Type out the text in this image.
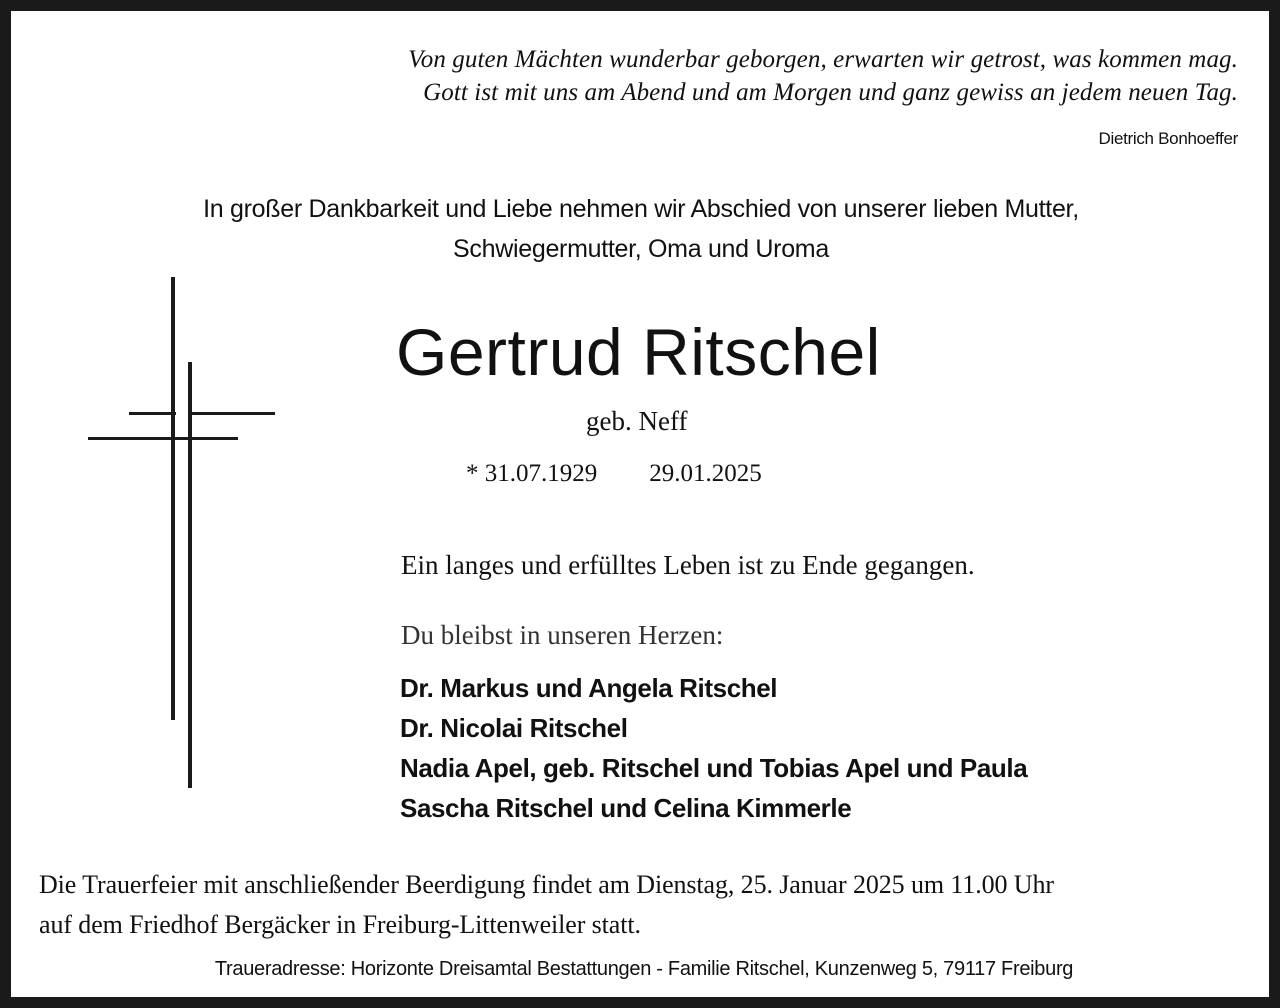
Von guten Mächten wunderbar geborgen, erwarten wir getrost, was kommen mag.
Gott ist mit uns am Abend und am Morgen und ganz gewiss an jedem neuen Tag.
Dietrich Bonhoeffer
In großer Dankbarkeit und Liebe nehmen wir Abschied von unserer lieben Mutter,
Schwiegermutter, Oma und Uroma
Gertrud Ritschel
geb. Neff
* 31.07.1929 29.01.2025
Ein langes und erfülltes Leben ist zu Ende gegangen.
Du bleibst in unseren Herzen:
Dr. Markus und Angela Ritschel
Dr. Nicolai Ritschel
Nadia Apel, geb. Ritschel und Tobias Apel und Paula
Sascha Ritschel und Celina Kimmerle
Die Trauerfeier mit anschließender Beerdigung findet am Dienstag, 25. Januar 2025 um 11.00 Uhr
auf dem Friedhof Bergäcker in Freiburg-Littenweiler statt.
Traueradresse: Horizonte Dreisamtal Bestattungen - Familie Ritschel, Kunzenweg 5, 79117 Freiburg
